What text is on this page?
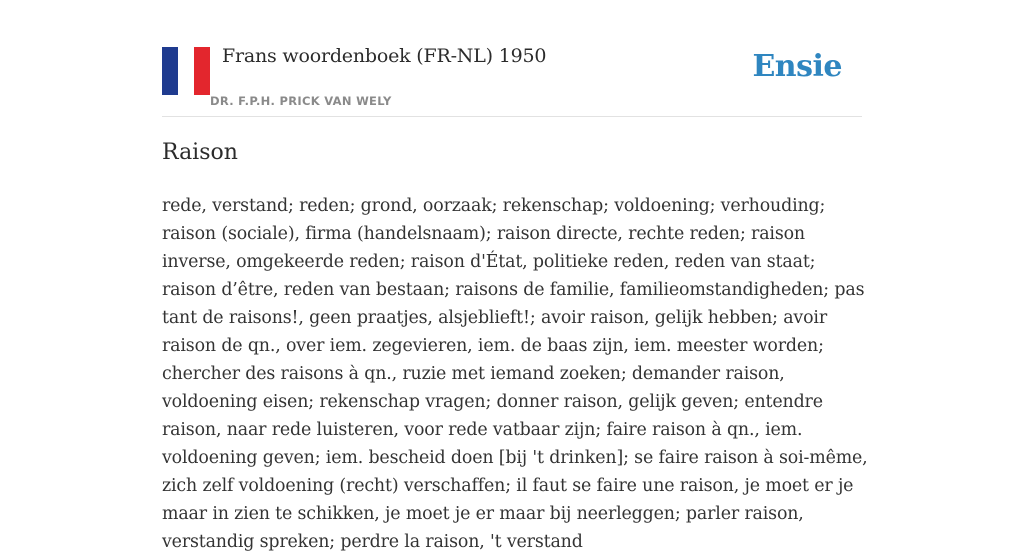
Frans woordenboek (FR-NL) 1950
DR. F.P.H. PRICK VAN WELY
Ensie
Raison
rede, verstand; reden; grond, oorzaak; rekenschap; voldoening; verhouding; raison (sociale), firma (handelsnaam); raison directe, rechte reden; raison inverse, omgekeerde reden; raison d'État, politieke reden, reden van staat; raison d’être, reden van bestaan; raisons de familie, familieomstandigheden; pas tant de raisons!, geen praatjes, alsjeblieft!; avoir raison, gelijk hebben; avoir raison de qn., over iem. zegevieren, iem. de baas zijn, iem. meester worden; chercher des raisons à qn., ruzie met iemand zoeken; demander raison, voldoening eisen; rekenschap vragen; donner raison, gelijk geven; entendre raison, naar rede luisteren, voor rede vatbaar zijn; faire raison à qn., iem. voldoening geven; iem. bescheid doen [bij 't drinken]; se faire raison à soi-même, zich zelf voldoening (recht) verschaffen; il faut se faire une raison, je moet er je maar in zien te schikken, je moet je er maar bij neerleggen; parler raison, verstandig spreken; perdre la raison, 't verstand
